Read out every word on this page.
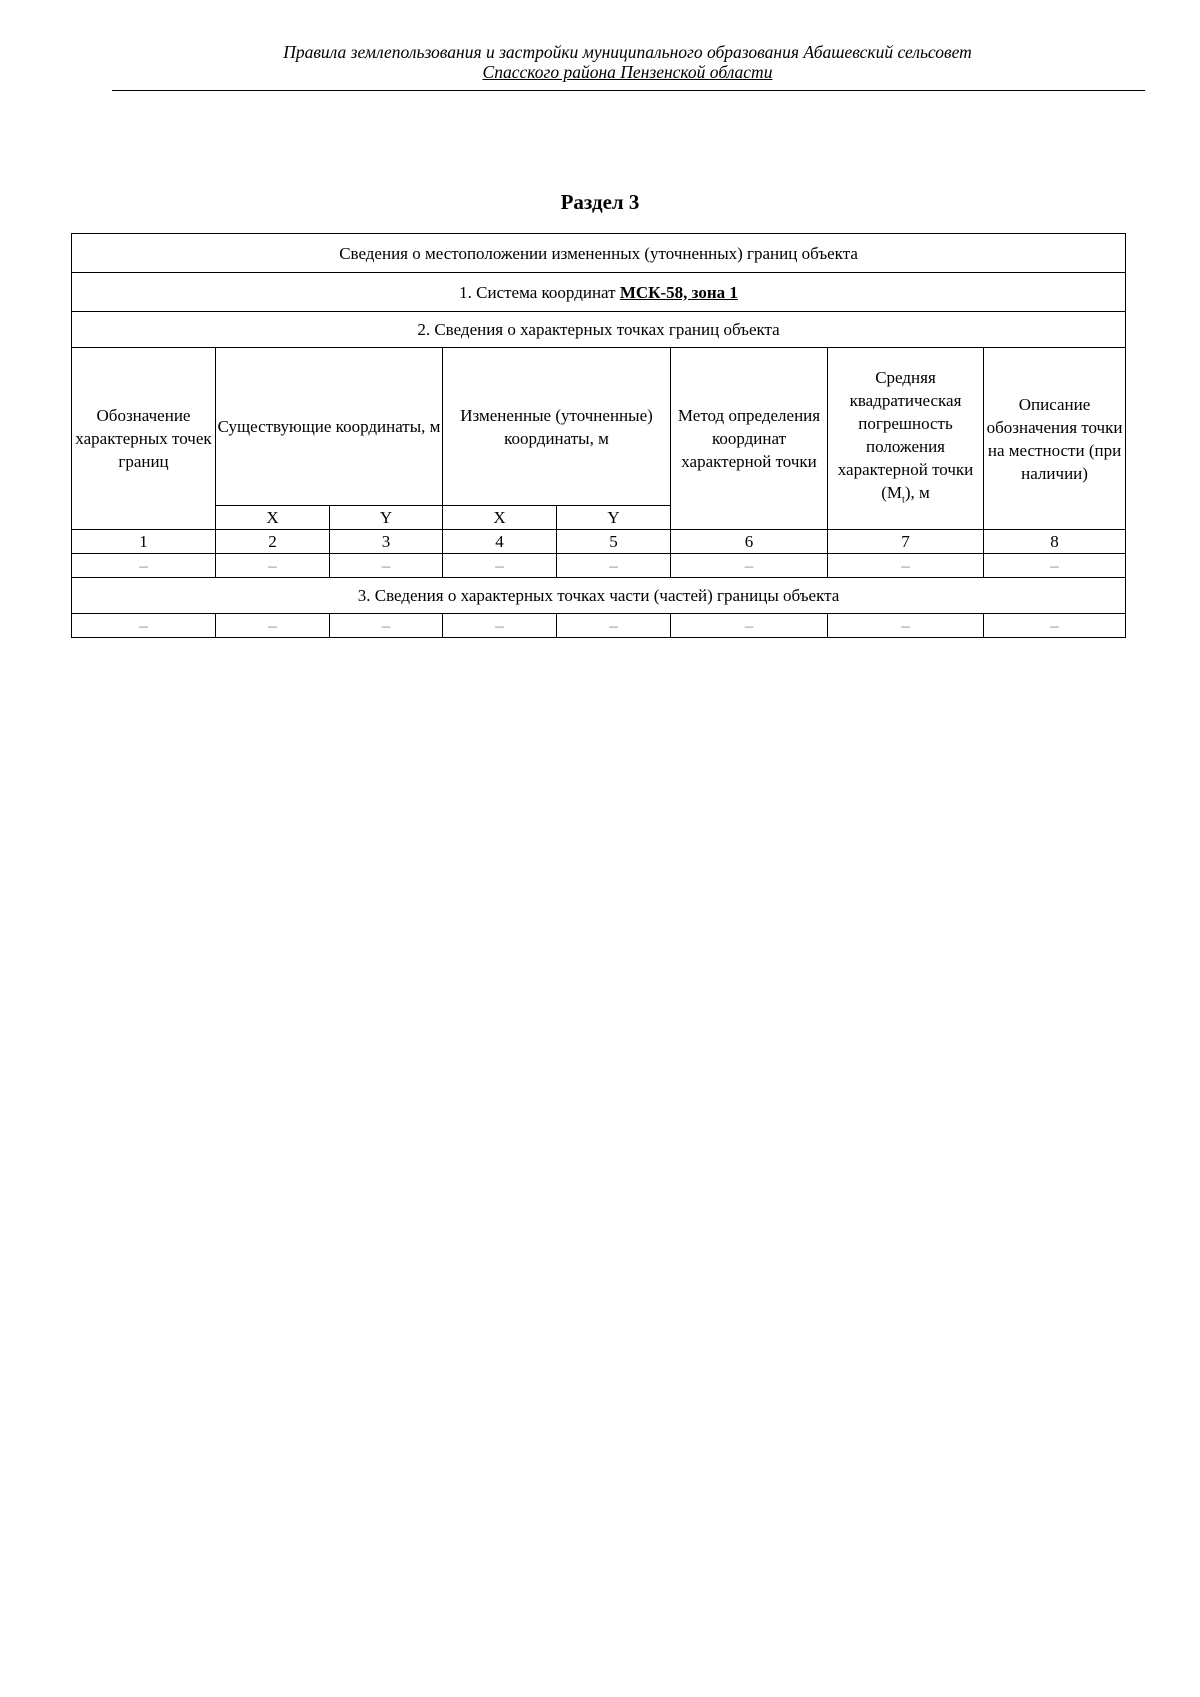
Правила землепользования и застройки муниципального образования Абашевский сельсовет
Спасского района Пензенской области
Раздел 3
Сведения о местоположении измененных (уточненных) границ объекта							
1. Система координат МСК-58, зона 1							
2. Сведения о характерных точках границ объекта							
Обозначение характерных точек границ	Существующие координаты, м		Измененные (уточненные) координаты, м		Метод определения координат характерной точки	Средняя квадратическая погрешность положения характерной точки $(M_t)$, м	Описание обозначения точки на местности (при наличии)
	X	Y	X	Y			
1	2	3	4	5	6	7	8
–	–	–	–	–	–	–	–
3. Сведения о характерных точках части (частей) границы объекта							
–	–	–	–	–	–	–	–
